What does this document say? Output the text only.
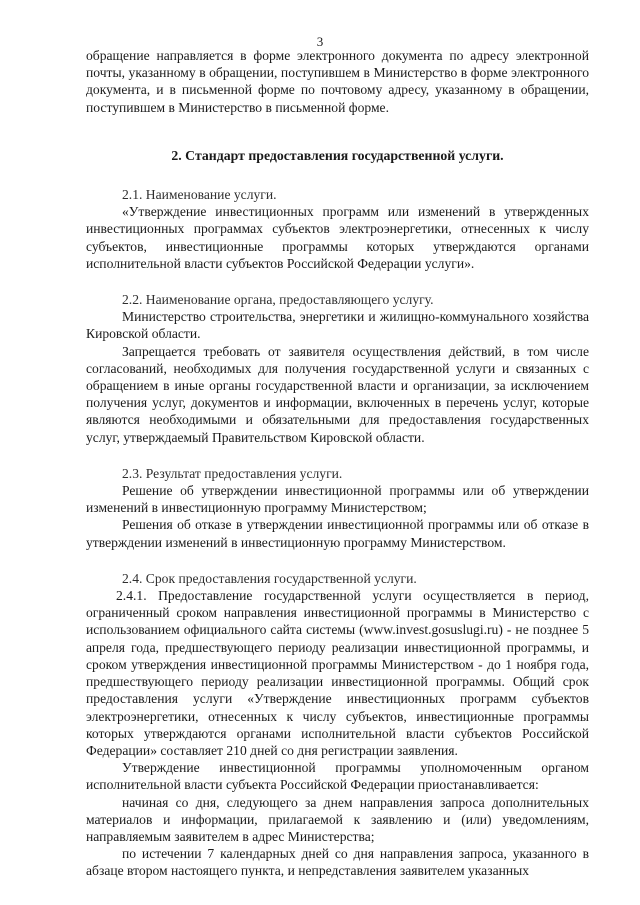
3

обращение направляется в форме электронного документа по адресу электронной почты, указанному в обращении, поступившем в Министерство в форме электронного документа, и в письменной форме по почтовому адресу, указанному в обращении, поступившем в Министерство в письменной форме.

2. Стандарт предоставления государственной услуги.

2.1. Наименование услуги.

«Утверждение инвестиционных программ или изменений в утвержденных инвестиционных программах субъектов электроэнергетики, отнесенных к числу субъектов, инвестиционные программы которых утверждаются органами исполнительной власти субъектов Российской Федерации услуги».

2.2. Наименование органа, предоставляющего услугу.

Министерство строительства, энергетики и жилищно-коммунального хозяйства Кировской области.

Запрещается требовать от заявителя осуществления действий, в том числе согласований, необходимых для получения государственной услуги и связанных с обращением в иные органы государственной власти и организации, за исключением получения услуг, документов и информации, включенных в перечень услуг, которые являются необходимыми и обязательными для предоставления государственных услуг, утверждаемый Правительством Кировской области.

2.3. Результат предоставления услуги.

Решение об утверждении инвестиционной программы или об утверждении изменений в инвестиционную программу Министерством;

Решения об отказе в утверждении инвестиционной программы или об отказе в утверждении изменений в инвестиционную программу Министерством.

2.4. Срок предоставления государственной услуги.

2.4.1. Предоставление государственной услуги осуществляется в период, ограниченный сроком направления инвестиционной программы в Министерство с использованием официального сайта системы (www.invest.gosuslugi.ru) - не позднее 5 апреля года, предшествующего периоду реализации инвестиционной программы, и сроком утверждения инвестиционной программы Министерством - до 1 ноября года, предшествующего периоду реализации инвестиционной программы. Общий срок предоставления услуги «Утверждение инвестиционных программ субъектов электроэнергетики, отнесенных к числу субъектов, инвестиционные программы которых утверждаются органами исполнительной власти субъектов Российской Федерации» составляет 210 дней со дня регистрации заявления.

Утверждение инвестиционной программы уполномоченным органом исполнительной власти субъекта Российской Федерации приостанавливается:

начиная со дня, следующего за днем направления запроса дополнительных материалов и информации, прилагаемой к заявлению и (или) уведомлениям, направляемым заявителем в адрес Министерства;

по истечении 7 календарных дней со дня направления запроса, указанного в абзаце втором настоящего пункта, и непредставления заявителем указанных
